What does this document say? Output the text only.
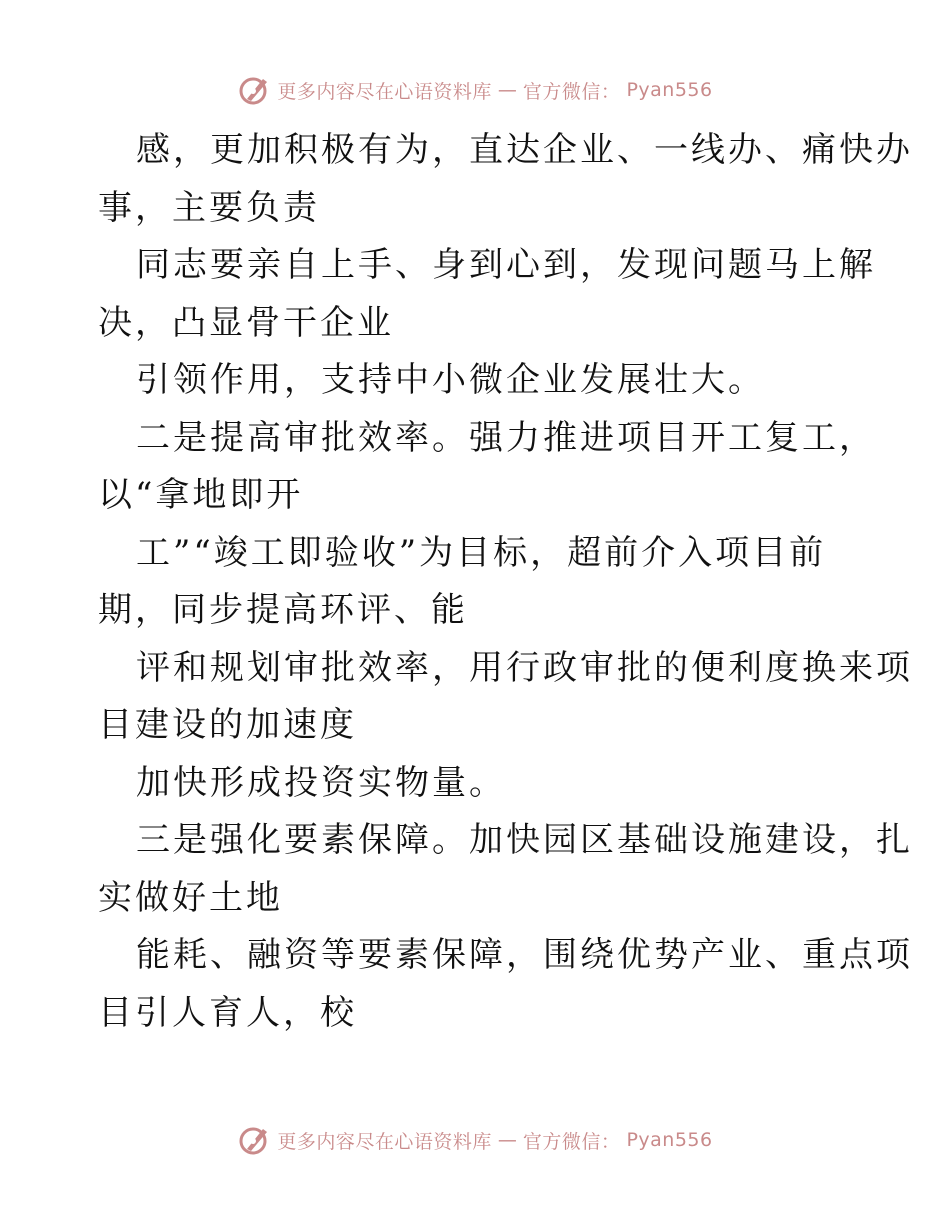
更多内容尽在心语资料库 — 官方微信： Pyan556
感，更加积极有为，直达企业、一线办、痛快办
事，主要负责
同志要亲自上手、身到心到，发现问题马上解
决，凸显骨干企业
引领作用，支持中小微企业发展壮大。
二是提高审批效率。强力推进项目开工复工，
以“拿地即开
工”“竣工即验收”为目标，超前介入项目前
期，同步提高环评、能
评和规划审批效率，用行政审批的便利度换来项
目建设的加速度
加快形成投资实物量。
三是强化要素保障。加快园区基础设施建设，扎
实做好土地
能耗、融资等要素保障，围绕优势产业、重点项
目引人育人，校
更多内容尽在心语资料库 — 官方微信： Pyan556
